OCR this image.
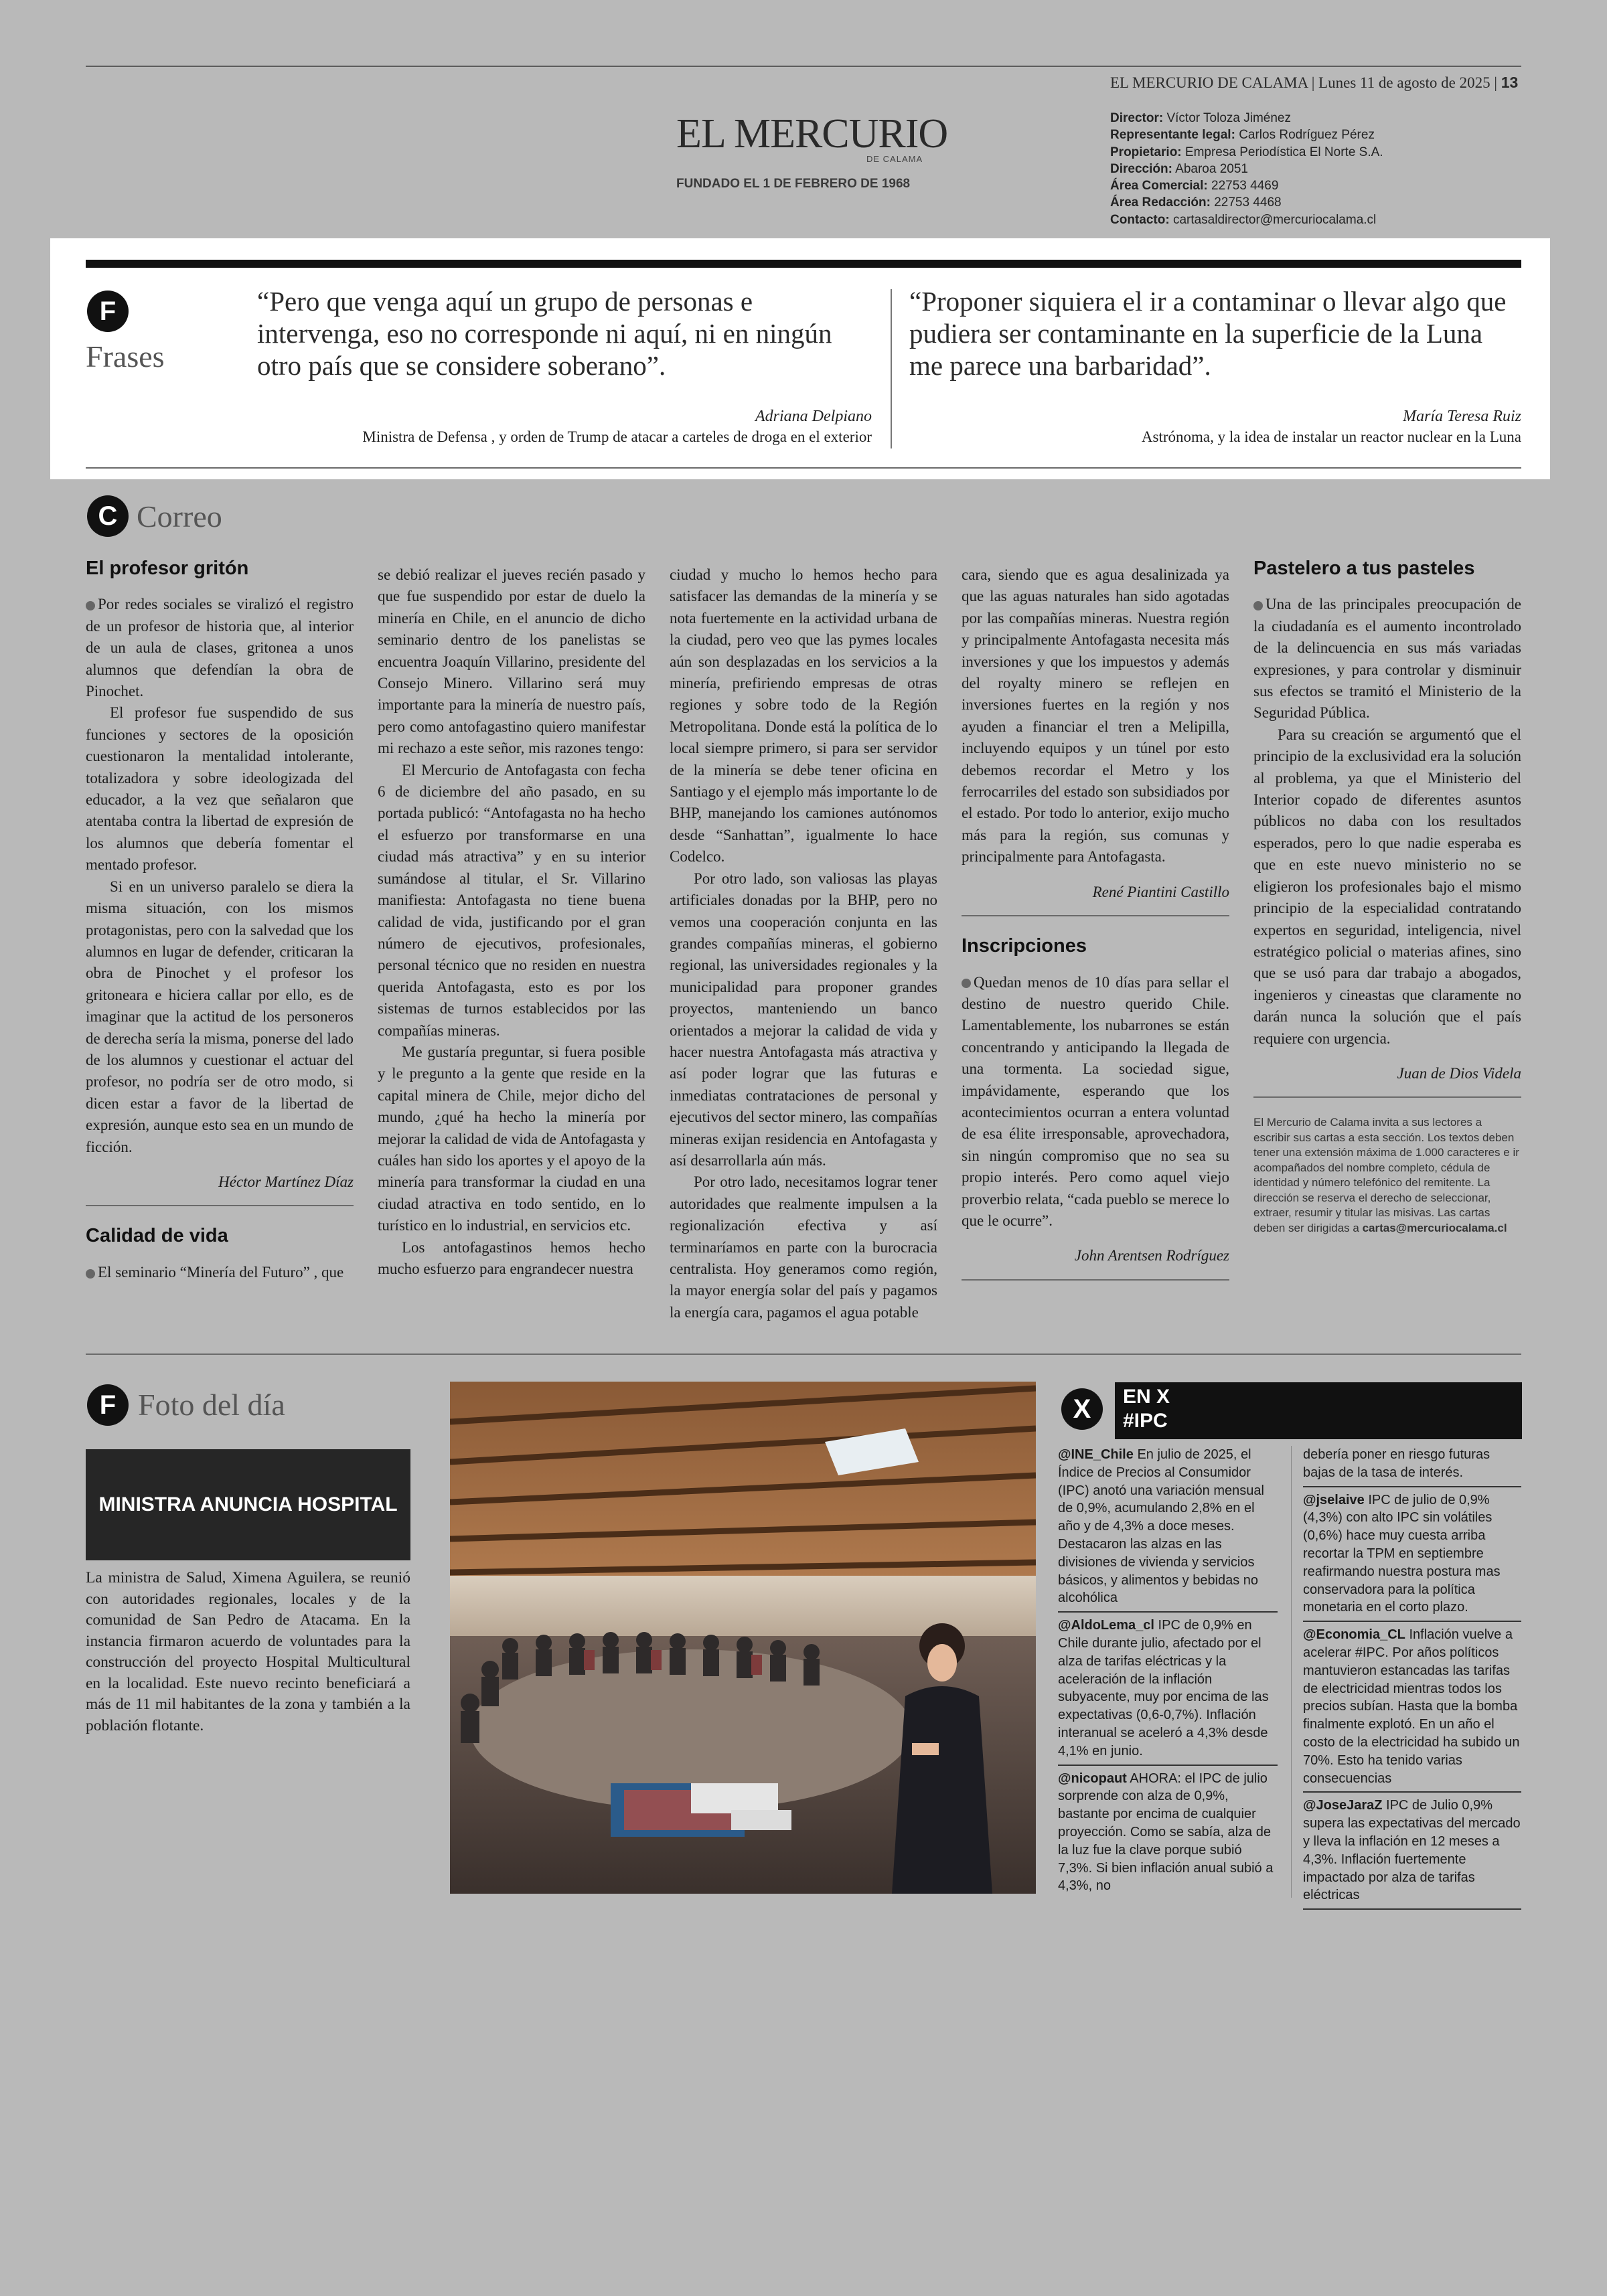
EL MERCURIO
DE CALAMA
FUNDADO EL 1 DE FEBRERO DE 1968
EL MERCURIO DE CALAMA | Lunes 11 de agosto de 2025 | 13
Director: Víctor Toloza Jiménez
Representante legal: Carlos Rodríguez Pérez
Propietario: Empresa Periodística El Norte S.A.
Dirección: Abaroa 2051
Área Comercial: 22753 4469
Área Redacción: 22753 4468
Contacto: cartasaldirector@mercuriocalama.cl
F
Frases
“Pero que venga aquí un grupo de personas e intervenga, eso no corresponde ni aquí, ni en ningún otro país que se considere soberano”.
Adriana Delpiano
Ministra de Defensa , y orden de Trump de atacar a carteles de droga en el exterior
“Proponer siquiera el ir a contaminar o llevar algo que pudiera ser contaminante en la superficie de la Luna me parece una barbaridad”.
María Teresa Ruiz
Astrónoma, y la idea de instalar un reactor nuclear en la Luna
C Correo
El profesor gritón

Por redes sociales se viralizó el registro de un profesor de historia que, al interior de un aula de clases, gritonea a unos alumnos que defendían la obra de Pinochet.

El profesor fue suspendido de sus funciones y sectores de la oposición cuestionaron la mentalidad intolerante, totalizadora y sobre ideologizada del educador, a la vez que señalaron que atentaba contra la libertad de expresión de los alumnos que debería fomentar el mentado profesor.

Si en un universo paralelo se diera la misma situación, con los mismos protagonistas, pero con la salvedad que los alumnos en lugar de defender, criticaran la obra de Pinochet y el profesor los gritoneara e hiciera callar por ello, es de imaginar que la actitud de los personeros de derecha sería la misma, ponerse del lado de los alumnos y cuestionar el actuar del profesor, no podría ser de otro modo, si dicen estar a favor de la libertad de expresión, aunque esto sea en un mundo de ficción.

Héctor Martínez Díaz
Calidad de vida

El seminario “Minería del Futuro” , que

se debió realizar el jueves recién pasado y que fue suspendido por estar de duelo la minería en Chile, en el anuncio de dicho seminario dentro de los panelistas se encuentra Joaquín Villarino, presidente del Consejo Minero. Villarino será muy importante para la minería de nuestro país, pero como antofagastino quiero manifestar mi rechazo a este señor, mis razones tengo:

El Mercurio de Antofagasta con fecha 6 de diciembre del año pasado, en su portada publicó: “Antofagasta no ha hecho el esfuerzo por transformarse en una ciudad más atractiva” y en su interior sumándose al titular, el Sr. Villarino manifiesta: Antofagasta no tiene buena calidad de vida, justificando por el gran número de ejecutivos, profesionales, personal técnico que no residen en nuestra querida Antofagasta, esto es por los sistemas de turnos establecidos por las compañías mineras.

Me gustaría preguntar, si fuera posible y le pregunto a la gente que reside en la capital minera de Chile, mejor dicho del mundo, ¿qué ha hecho la minería por mejorar la calidad de vida de Antofagasta y cuáles han sido los aportes y el apoyo de la minería para transformar la ciudad en una ciudad atractiva en todo sentido, en lo turístico en lo industrial, en servicios etc.

Los antofagastinos hemos hecho mucho esfuerzo para engrandecer nuestra

ciudad y mucho lo hemos hecho para satisfacer las demandas de la minería y se nota fuertemente en la actividad urbana de la ciudad, pero veo que las pymes locales aún son desplazadas en los servicios a la minería, prefiriendo empresas de otras regiones y sobre todo de la Región Metropolitana. Donde está la política de lo local siempre primero, si para ser servidor de la minería se debe tener oficina en Santiago y el ejemplo más importante lo de BHP, manejando los camiones autónomos desde “Sanhattan”, igualmente lo hace Codelco.

Por otro lado, son valiosas las playas artificiales donadas por la BHP, pero no vemos una cooperación conjunta en las grandes compañías mineras, el gobierno regional, las universidades regionales y la municipalidad para proponer grandes proyectos, manteniendo un banco orientados a mejorar la calidad de vida y hacer nuestra Antofagasta más atractiva y así poder lograr que las futuras e inmediatas contrataciones de personal y ejecutivos del sector minero, las compañías mineras exijan residencia en Antofagasta y así desarrollarla aún más.

Por otro lado, necesitamos lograr tener autoridades que realmente impulsen a la regionalización efectiva y así terminaríamos en parte con la burocracia centralista. Hoy generamos como región, la mayor energía solar del país y pagamos la energía cara, pagamos el agua potable

cara, siendo que es agua desalinizada ya que las aguas naturales han sido agotadas por las compañías mineras. Nuestra región y principalmente Antofagasta necesita más inversiones y que los impuestos y además del royalty minero se reflejen en inversiones fuertes en la región y nos ayuden a financiar el tren a Melipilla, incluyendo equipos y un túnel por esto debemos recordar el Metro y los ferrocarriles del estado son subsidiados por el estado. Por todo lo anterior, exijo mucho más para la región, sus comunas y principalmente para Antofagasta.

René Piantini Castillo
Inscripciones

Quedan menos de 10 días para sellar el destino de nuestro querido Chile. Lamentablemente, los nubarrones se están concentrando y anticipando la llegada de una tormenta. La sociedad sigue, impávidamente, esperando que los acontecimientos ocurran a entera voluntad de esa élite irresponsable, aprovechadora, sin ningún compromiso que no sea su propio interés. Pero como aquel viejo proverbio relata, “cada pueblo se merece lo que le ocurre”.

John Arentsen Rodríguez
Pastelero a tus pasteles

Una de las principales preocupación de la ciudadanía es el aumento incontrolado de la delincuencia en sus más variadas expresiones, y para controlar y disminuir sus efectos se tramitó el Ministerio de la Seguridad Pública.

Para su creación se argumentó que el principio de la exclusividad era la solución al problema, ya que el Ministerio del Interior copado de diferentes asuntos públicos no daba con los resultados esperados, pero lo que nadie esperaba es que en este nuevo ministerio no se eligieron los profesionales bajo el mismo principio de la especialidad contratando expertos en seguridad, inteligencia, nivel estratégico policial o materias afines, sino que se usó para dar trabajo a abogados, ingenieros y cineastas que claramente no darán nunca la solución que el país requiere con urgencia.

Juan de Dios Videla
El Mercurio de Calama invita a sus lectores a escribir sus cartas a esta sección. Los textos deben tener una extensión máxima de 1.000 caracteres e ir acompañados del nombre completo, cédula de identidad y número telefónico del remitente. La dirección se reserva el derecho de seleccionar, extraer, resumir y titular las misivas. Las cartas deben ser dirigidas a cartas@mercuriocalama.cl
F Foto del día
MINISTRA ANUNCIA HOSPITAL
La ministra de Salud, Ximena Aguilera, se reunió con autoridades regionales, locales y de la comunidad de San Pedro de Atacama. En la instancia firmaron acuerdo de voluntades para la construcción del proyecto Hospital Multicultural en la localidad. Este nuevo recinto beneficiará a más de 11 mil habitantes de la zona y también a la población flotante.
X	EN X
#IPC
@INE_Chile En julio de 2025, el Índice de Precios al Consumidor (IPC) anotó una variación mensual de 0,9%, acumulando 2,8% en el año y de 4,3% a doce meses. Destacaron las alzas en las divisiones de vivienda y servicios básicos, y alimentos y bebidas no alcohólica
@AldoLema_cl IPC de 0,9% en Chile durante julio, afectado por el alza de tarifas eléctricas y la aceleración de la inflación subyacente, muy por encima de las expectativas (0,6-0,7%). Inflación interanual se aceleró a 4,3% desde 4,1% en junio.
@nicopaut AHORA: el IPC de julio sorprende con alza de 0,9%, bastante por encima de cualquier proyección. Como se sabía, alza de la luz fue la clave porque subió 7,3%. Si bien inflación anual subió a 4,3%, no
debería poner en riesgo futuras bajas de la tasa de interés.
@jselaive IPC de julio de 0,9% (4,3%) con alto IPC sin volátiles (0,6%) hace muy cuesta arriba recortar la TPM en septiembre reafirmando nuestra postura mas conservadora para la política monetaria en el corto plazo.
@Economia_CL Inflación vuelve a acelerar #IPC. Por años políticos mantuvieron estancadas las tarifas de electricidad mientras todos los precios subían. Hasta que la bomba finalmente explotó. En un año el costo de la electricidad ha subido un 70%. Esto ha tenido varias consecuencias
@JoseJaraZ IPC de Julio 0,9% supera las expectativas del mercado y lleva la inflación en 12 meses a 4,3%. Inflación fuertemente impactado por alza de tarifas eléctricas
